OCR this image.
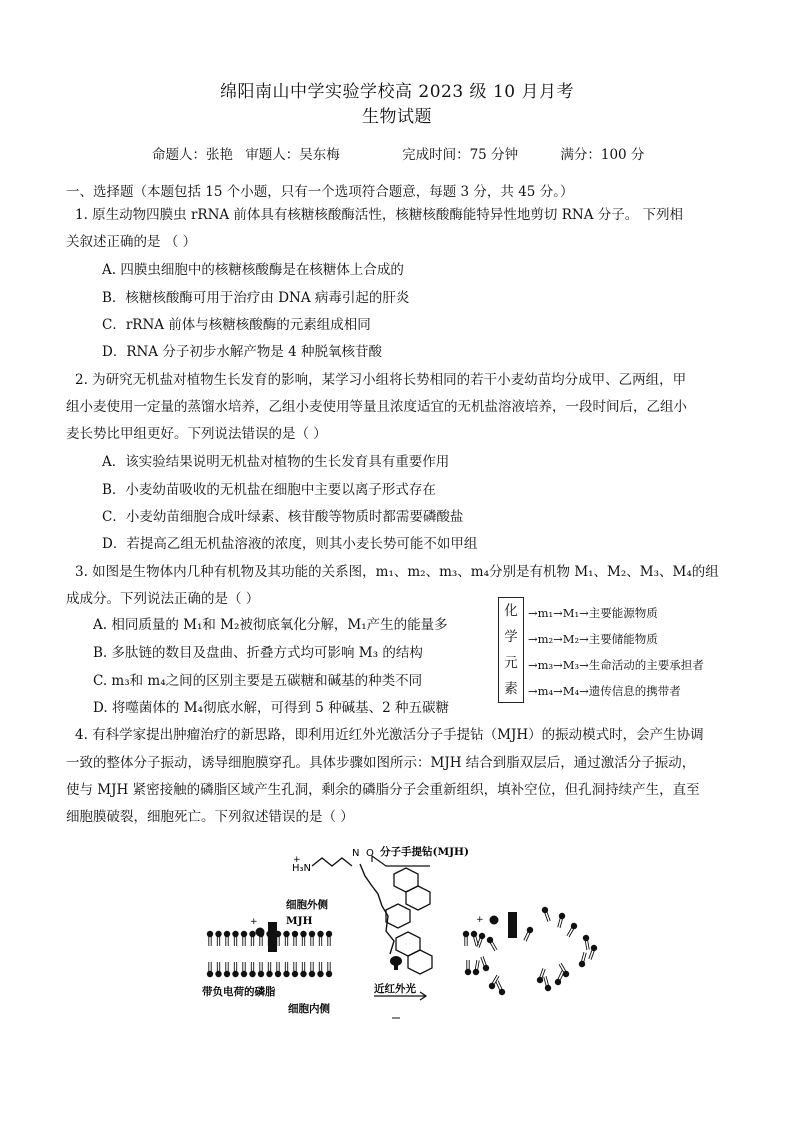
绵阳南山中学实验学校高 2023 级 10 月月考
生物试题
命题人：张艳 审题人：吴东梅	完成时间：75 分钟	满分：100 分
一、选择题（本题包括 15 个小题，只有一个选项符合题意，每题 3 分，共 45 分。）
1. 原生动物四膜虫 rRNA 前体具有核糖核酸酶活性，核糖核酸酶能特异性地剪切 RNA 分子。 下列相
关叙述正确的是 （ ）
A. 四膜虫细胞中的核糖核酸酶是在核糖体上合成的
B．核糖核酸酶可用于治疗由 DNA 病毒引起的肝炎
C．rRNA 前体与核糖核酸酶的元素组成相同
D．RNA 分子初步水解产物是 4 种脱氧核苷酸
2. 为研究无机盐对植物生长发育的影响，某学习小组将长势相同的若干小麦幼苗均分成甲、乙两组，甲
组小麦使用一定量的蒸馏水培养，乙组小麦使用等量且浓度适宜的无机盐溶液培养，一段时间后，乙组小
麦长势比甲组更好。下列说法错误的是（ ）
A．该实验结果说明无机盐对植物的生长发育具有重要作用
B．小麦幼苗吸收的无机盐在细胞中主要以离子形式存在
C．小麦幼苗细胞合成叶绿素、核苷酸等物质时都需要磷酸盐
D．若提高乙组无机盐溶液的浓度，则其小麦长势可能不如甲组
3. 如图是生物体内几种有机物及其功能的关系图，m₁、m₂、m₃、m₄分别是有机物 M₁、M₂、M₃、M₄的组
成成分。下列说法正确的是（ ）
A. 相同质量的 M₁和 M₂被彻底氧化分解，M₁产生的能量多
B. 多肽链的数目及盘曲、折叠方式均可影响 M₃ 的结构
C. m₃和 m₄之间的区别主要是五碳糖和碱基的种类不同
D. 将噬菌体的 M₄彻底水解，可得到 5 种碱基、2 种五碳糖
化
学
元
素
→m₁→M₁→主要能源物质
→m₂→M₂→主要储能物质
→m₃→M₃→生命活动的主要承担者
→m₄→M₄→遗传信息的携带者
4. 有科学家提出肿瘤治疗的新思路，即利用近红外光激活分子手提钻（MJH）的振动模式时，会产生协调
一致的整体分子振动，诱导细胞膜穿孔。具体步骤如图所示：MJH 结合到脂双层后，通过激活分子振动，
使与 MJH 紧密接触的磷脂区域产生孔洞，剩余的磷脂分子会重新组织，填补空位，但孔洞持续产生，直至
细胞膜破裂，细胞死亡。下列叙述错误的是（ ）
H₃N
+
N O 分子手提钻(MJH)
细胞外侧
MJH
+
带负电荷的磷脂
细胞内侧
近红外光
+
